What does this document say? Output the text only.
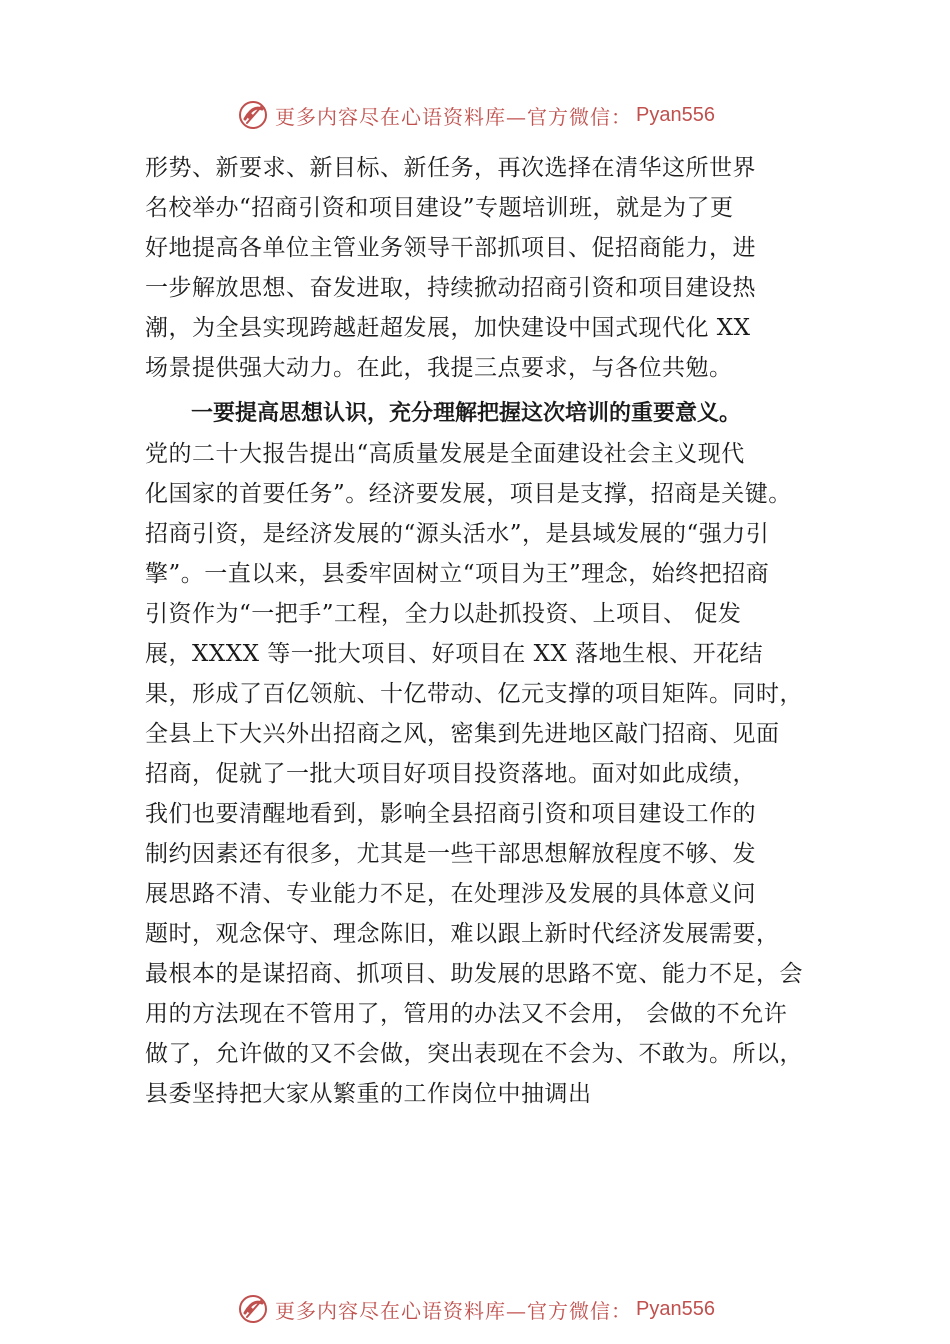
更多内容尽在心语资料库—官方微信： Pyan556
形势、新要求、新目标、新任务，再次选择在清华这所世界
名校举办“招商引资和项目建设”专题培训班，就是为了更
好地提高各单位主管业务领导干部抓项目、促招商能力，进
一步解放思想、奋发进取，持续掀动招商引资和项目建设热
潮，为全县实现跨越赶超发展，加快建设中国式现代化 XX
场景提供强大动力。在此，我提三点要求，与各位共勉。
一要提高思想认识，充分理解把握这次培训的重要意义。
党的二十大报告提出“高质量发展是全面建设社会主义现代
化国家的首要任务”。经济要发展，项目是支撑，招商是关键。
招商引资，是经济发展的“源头活水”，是县域发展的“强力引
擎”。一直以来，县委牢固树立“项目为王”理念，始终把招商
引资作为“一把手”工程，全力以赴抓投资、上项目、 促发
展，XXXX 等一批大项目、好项目在 XX 落地生根、开花结
果，形成了百亿领航、十亿带动、亿元支撑的项目矩阵。同时，
全县上下大兴外出招商之风，密集到先进地区敲门招商、见面
招商，促就了一批大项目好项目投资落地。面对如此成绩，
我们也要清醒地看到，影响全县招商引资和项目建设工作的
制约因素还有很多，尤其是一些干部思想解放程度不够、发
展思路不清、专业能力不足，在处理涉及发展的具体意义问
题时，观念保守、理念陈旧，难以跟上新时代经济发展需要，
最根本的是谋招商、抓项目、助发展的思路不宽、能力不足，会
用的方法现在不管用了，管用的办法又不会用， 会做的不允许
做了，允许做的又不会做，突出表现在不会为、不敢为。所以，
县委坚持把大家从繁重的工作岗位中抽调出
更多内容尽在心语资料库—官方微信： Pyan556
